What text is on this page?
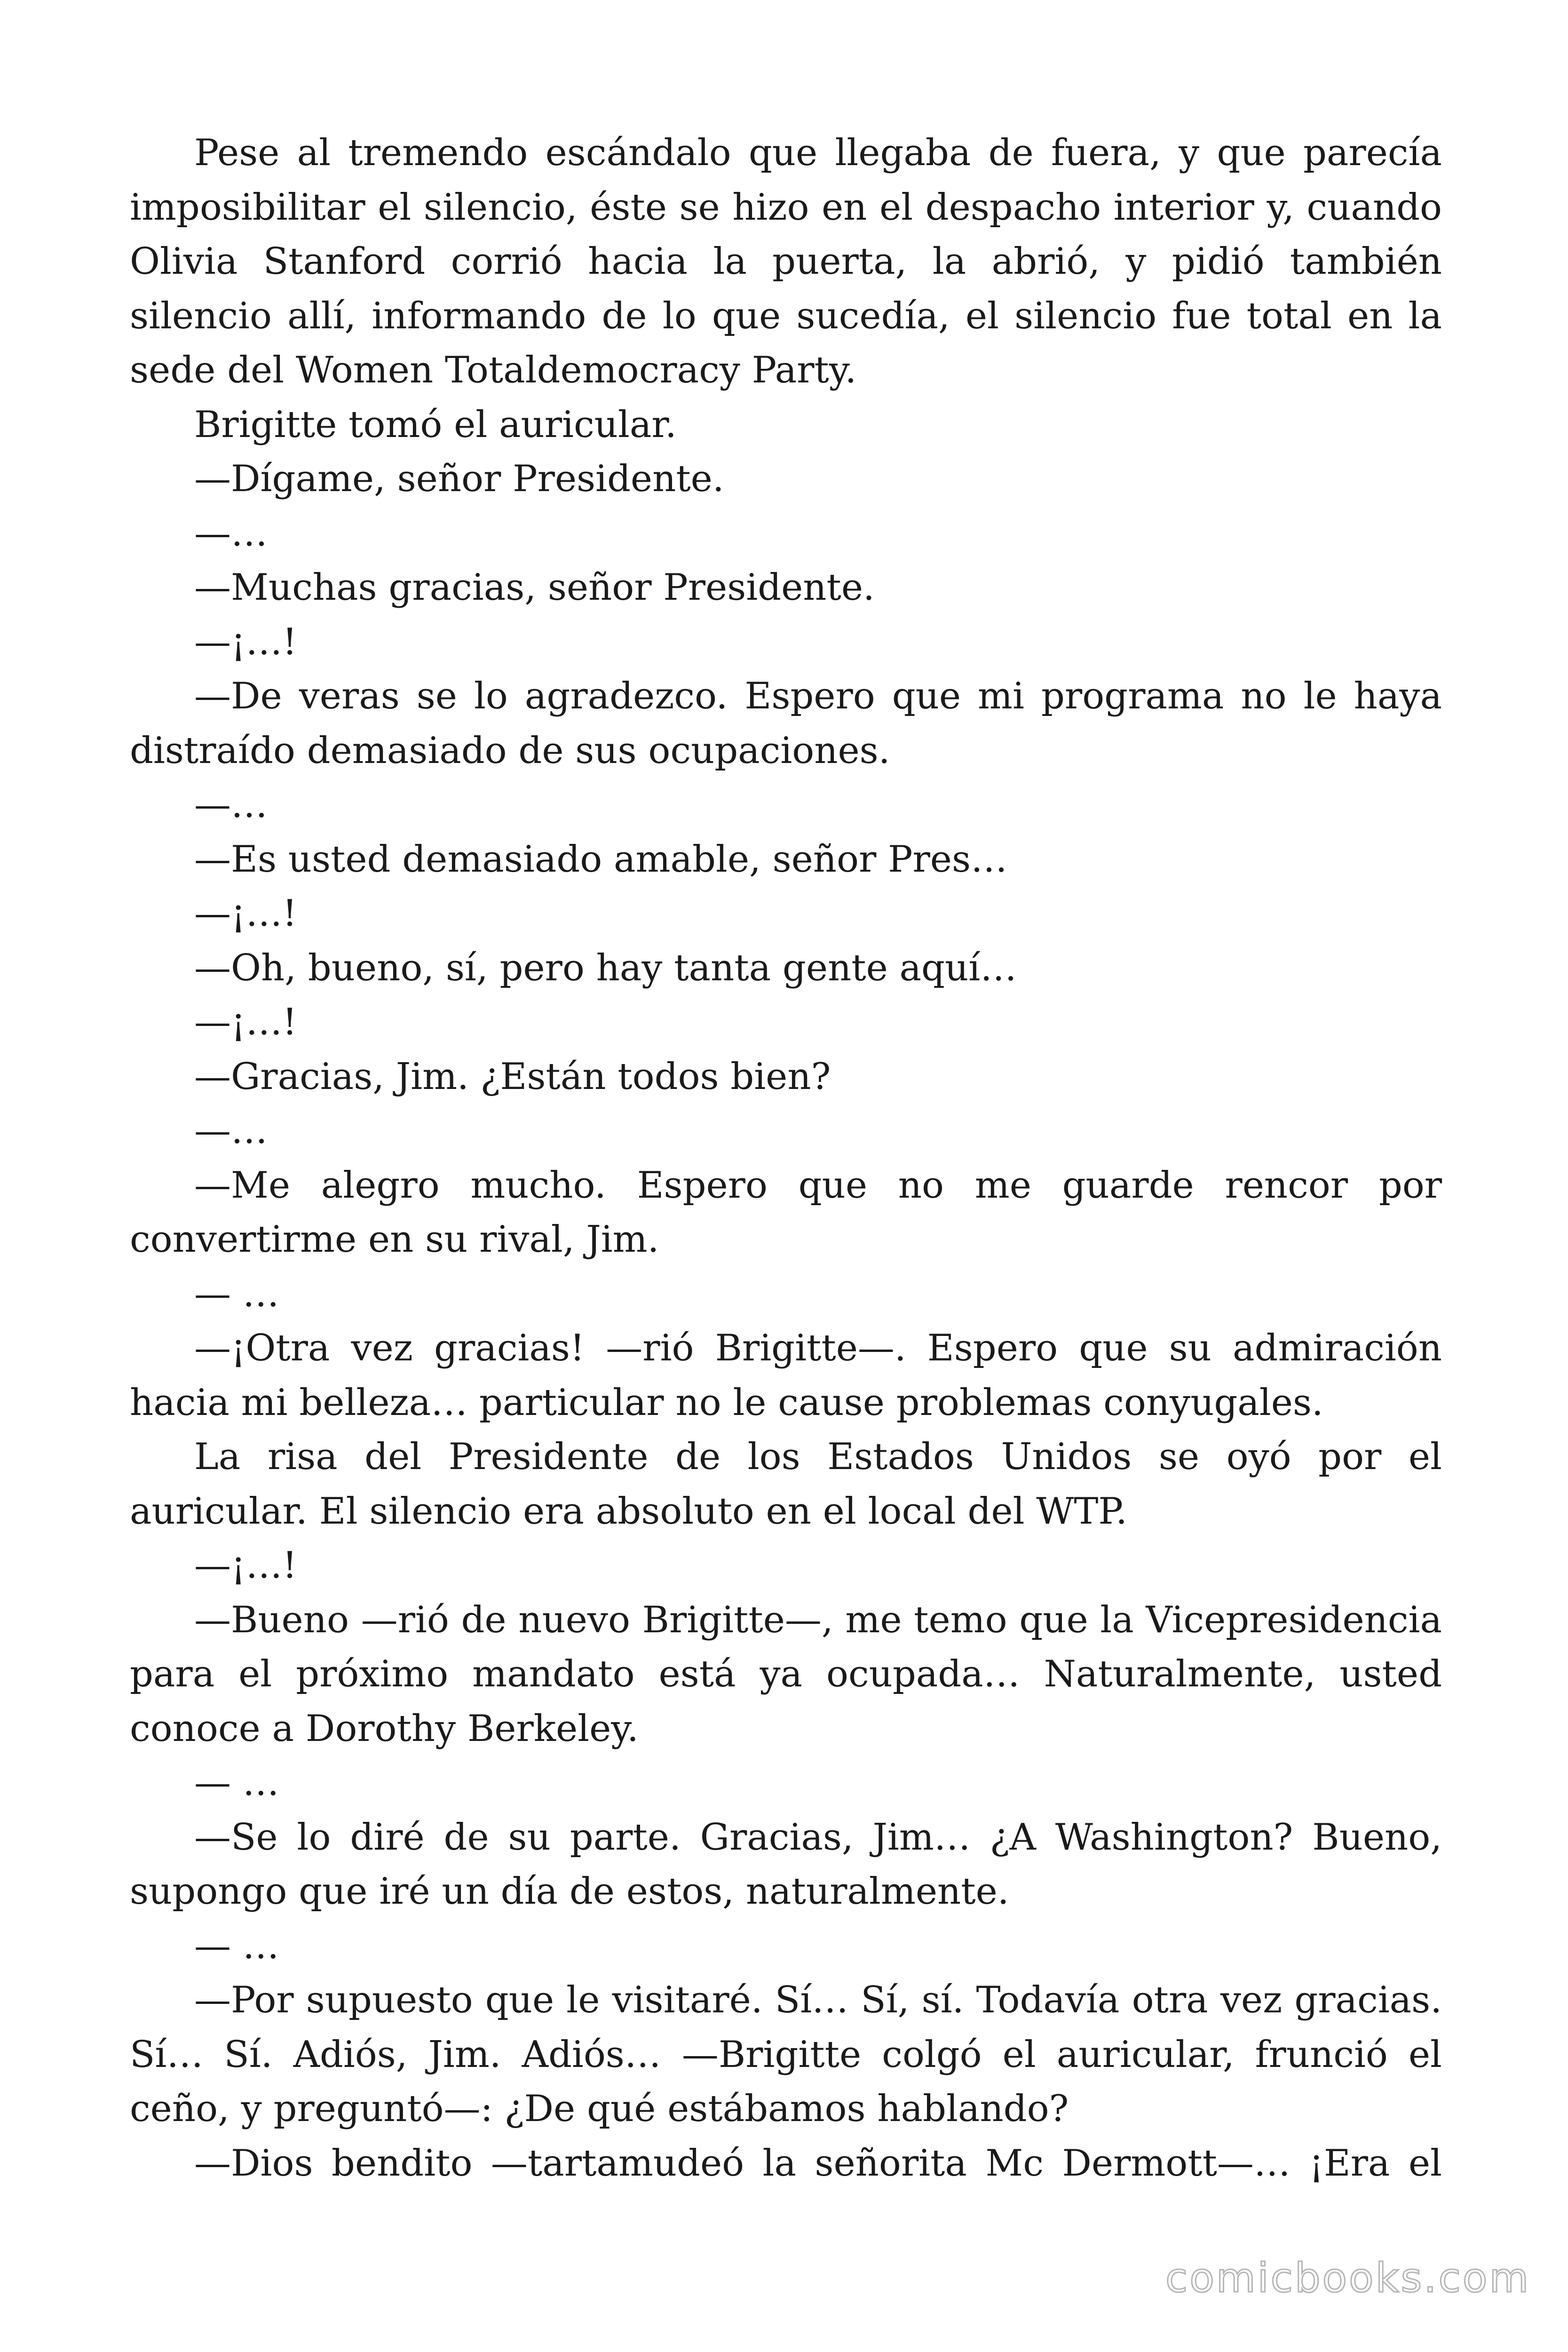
Pese al tremendo escándalo que llegaba de fuera, y que parecía imposibilitar el silencio, éste se hizo en el despacho interior y, cuando Olivia Stanford corrió hacia la puerta, la abrió, y pidió también silencio allí, informando de lo que sucedía, el silencio fue total en la sede del Women Totaldemocracy Party.

Brigitte tomó el auricular.

—Dígame, señor Presidente.

—…

—Muchas gracias, señor Presidente.

—¡…!

—De veras se lo agradezco. Espero que mi programa no le haya distraído demasiado de sus ocupaciones.

—…

—Es usted demasiado amable, señor Pres…

—¡…!

—Oh, bueno, sí, pero hay tanta gente aquí…

—¡…!

—Gracias, Jim. ¿Están todos bien?

—…

—Me alegro mucho. Espero que no me guarde rencor por convertirme en su rival, Jim.

— …

—¡Otra vez gracias! —rió Brigitte—. Espero que su admiración hacia mi belleza… particular no le cause problemas conyugales.

La risa del Presidente de los Estados Unidos se oyó por el auricular. El silencio era absoluto en el local del WTP.

—¡…!

—Bueno —rió de nuevo Brigitte—, me temo que la Vicepresidencia para el próximo mandato está ya ocupada… Naturalmente, usted conoce a Dorothy Berkeley.

— …

—Se lo diré de su parte. Gracias, Jim… ¿A Washington? Bueno, supongo que iré un día de estos, naturalmente.

— …

—Por supuesto que le visitaré. Sí… Sí, sí. Todavía otra vez gracias. Sí… Sí. Adiós, Jim. Adiós… —Brigitte colgó el auricular, frunció el ceño, y preguntó—: ¿De qué estábamos hablando?

—Dios bendito —tartamudeó la señorita Mc Dermott—… ¡Era el

comicbooks.com
